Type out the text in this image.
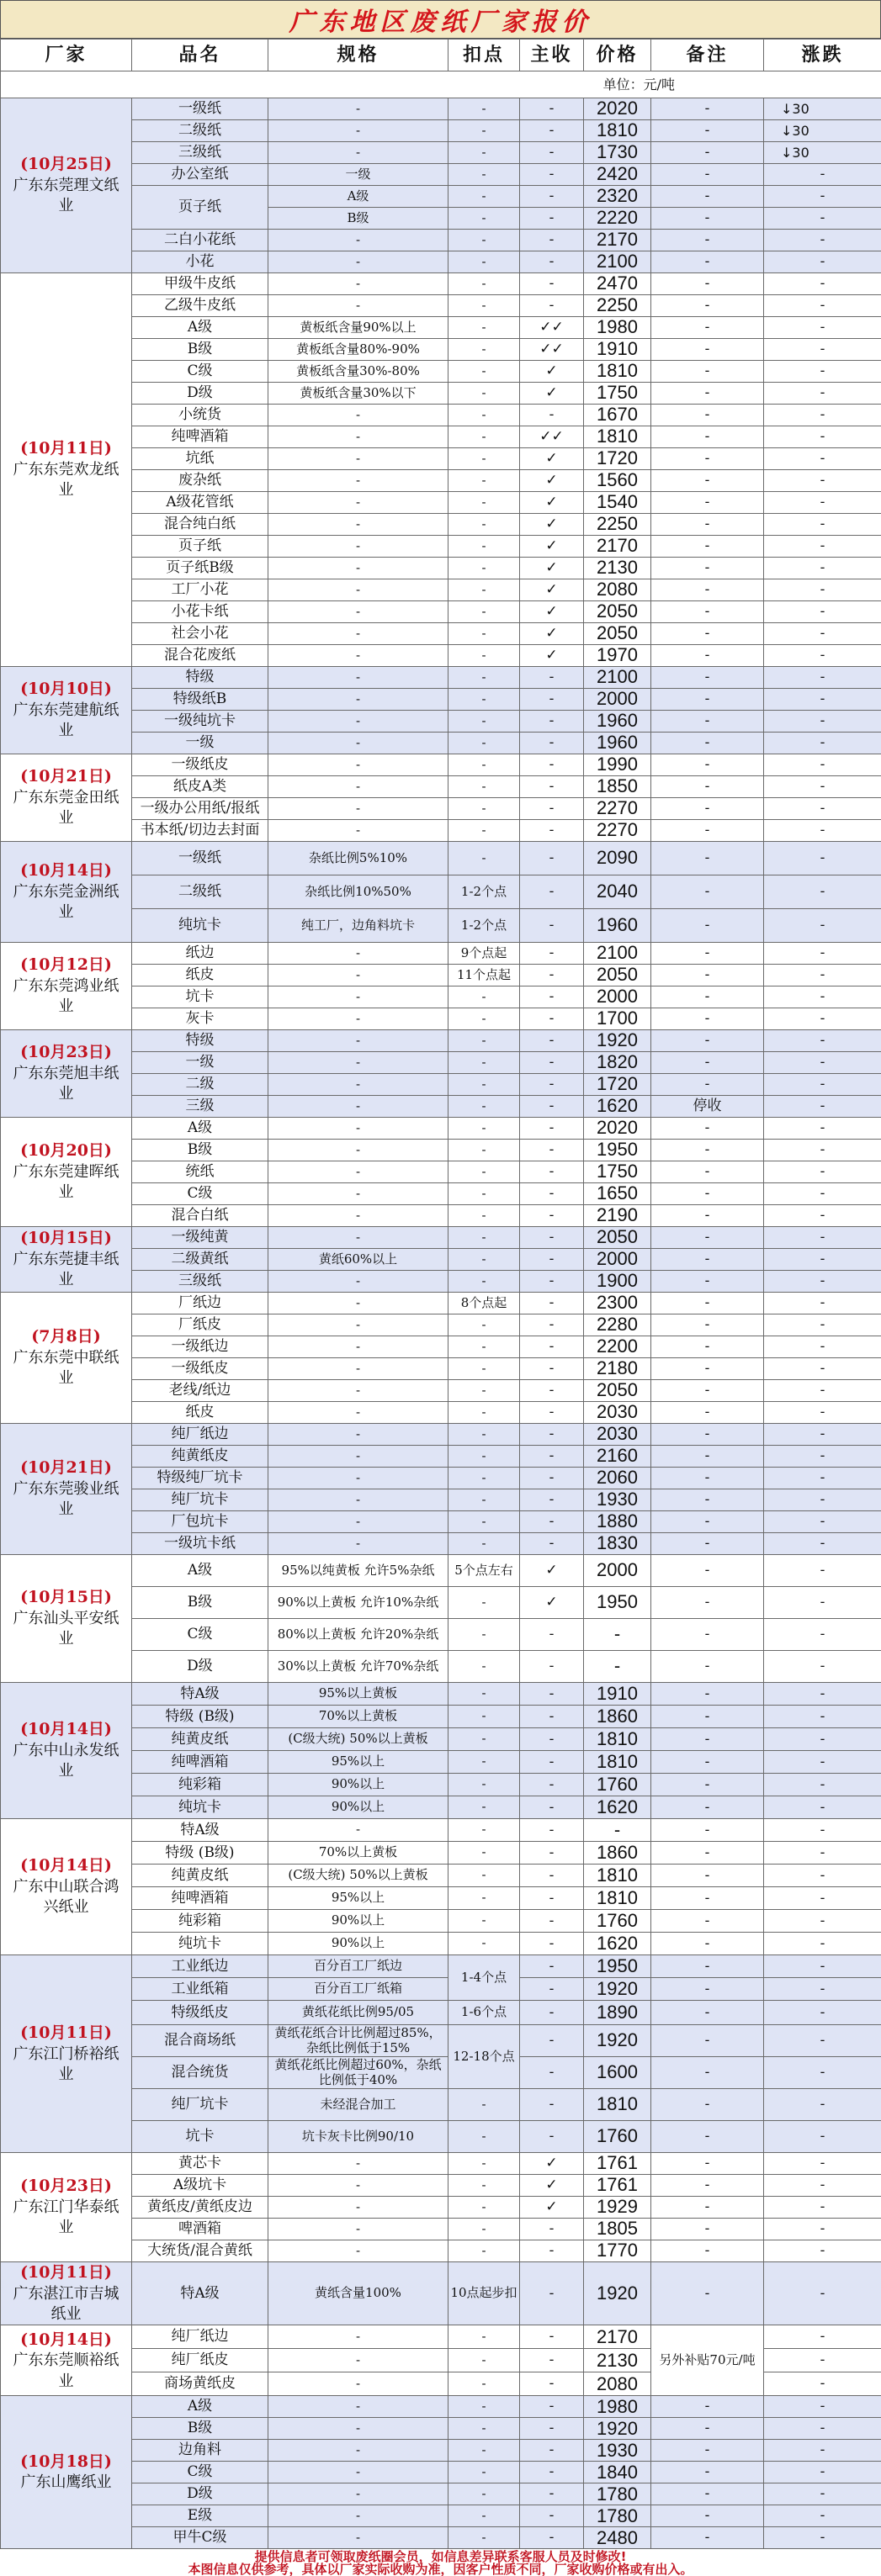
广东地区废纸厂家报价
厂家	品名	规格	扣点	主收	价格	备注	涨跌
单位：元/吨							

(10月25日)
广东东莞理文纸业	一级纸	-	-	-	2020	-	↓30
	二级纸	-	-	-	1810	-	↓30
	三级纸	-	-	-	1730	-	↓30
	办公室纸	一级	-	-	2420	-	-
	页子纸	A级	-	-	2320	-	-
		B级	-	-	2220	-	-
	二白小花纸	-	-	-	2170	-	-
	小花	-	-	-	2100	-	-

(10月11日)
广东东莞欢龙纸业	甲级牛皮纸	-	-	-	2470	-	-
	乙级牛皮纸	-	-	-	2250	-	-
	A级	黄板纸含量90%以上	-	✓✓	1980	-	-
	B级	黄板纸含量80%-90%	-	✓✓	1910	-	-
	C级	黄板纸含量30%-80%	-	✓	1810	-	-
	D级	黄板纸含量30%以下	-	✓	1750	-	-
	小统货	-	-	-	1670	-	-
	纯啤酒箱	-	-	✓✓	1810	-	-
	坑纸	-	-	✓	1720	-	-
	废杂纸	-	-	✓	1560	-	-
	A级花管纸	-	-	✓	1540	-	-
	混合纯白纸	-	-	✓	2250	-	-
	页子纸	-	-	✓	2170	-	-
	页子纸B级	-	-	✓	2130	-	-
	工厂小花	-	-	✓	2080	-	-
	小花卡纸	-	-	✓	2050	-	-
	社会小花	-	-	✓	2050	-	-
	混合花废纸	-	-	✓	1970	-	-

(10月10日)
广东东莞建航纸业	特级	-	-	-	2100	-	-
	特级纸B	-	-	-	2000	-	-
	一级纯坑卡	-	-	-	1960	-	-
	一级	-	-	-	1960	-	-

(10月21日)
广东东莞金田纸业	一级纸皮	-	-	-	1990	-	-
	纸皮A类	-	-	-	1850	-	-
	一级办公用纸/报纸	-	-	-	2270	-	-
	书本纸/切边去封面	-	-	-	2270	-	-

(10月14日)
广东东莞金洲纸业	一级纸	杂纸比例5%10%	-	-	2090	-	-
	二级纸	杂纸比例10%50%	1-2个点	-	2040	-	-
	纯坑卡	纯工厂，边角料坑卡	1-2个点	-	1960	-	-

(10月12日)
广东东莞鸿业纸业	纸边	-	9个点起	-	2100	-	-
	纸皮	-	11个点起	-	2050	-	-
	坑卡	-	-	-	2000	-	-
	灰卡	-	-	-	1700	-	-

(10月23日)
广东东莞旭丰纸业	特级	-	-	-	1920	-	-
	一级	-	-	-	1820	-	-
	二级	-	-	-	1720	-	-
	三级	-	-	-	1620	停收	-

(10月20日)
广东东莞建晖纸业	A级	-	-	-	2020	-	-
	B级	-	-	-	1950	-	-
	统纸	-	-	-	1750	-	-
	C级	-	-	-	1650	-	-
	混合白纸	-	-	-	2190	-	-

(10月15日)
广东东莞捷丰纸业	一级纯黄	-	-	-	2050	-	-
	二级黄纸	黄纸60%以上	-	-	2000	-	-
	三级纸	-	-	-	1900	-	-

(7月8日)
广东东莞中联纸业	厂纸边	-	8个点起	-	2300	-	-
	厂纸皮	-	-	-	2280	-	-
	一级纸边	-	-	-	2200	-	-
	一级纸皮	-	-	-	2180	-	-
	老线/纸边	-	-	-	2050	-	-
	纸皮	-	-	-	2030	-	-

(10月21日)
广东东莞骏业纸业	纯厂纸边	-	-	-	2030	-	-
	纯黄纸皮	-	-	-	2160	-	-
	特级纯厂坑卡	-	-	-	2060	-	-
	纯厂坑卡	-	-	-	1930	-	-
	厂包坑卡	-	-	-	1880	-	-
	一级坑卡纸	-	-	-	1830	-	-

(10月15日)
广东汕头平安纸业	A级	95%以纯黄板 允许5%杂纸	5个点左右	✓	2000	-	-
	B级	90%以上黄板 允许10%杂纸	-	✓	1950	-	-
	C级	80%以上黄板 允许20%杂纸	-	-	-	-	-
	D级	30%以上黄板 允许70%杂纸	-	-	-	-	-

(10月14日)
广东中山永发纸业	特A级	95%以上黄板	-	-	1910	-	-
	特级 (B级)	70%以上黄板	-	-	1860	-	-
	纯黄皮纸	(C级大统) 50%以上黄板	-	-	1810	-	-
	纯啤酒箱	95%以上	-	-	1810	-	-
	纯彩箱	90%以上	-	-	1760	-	-
	纯坑卡	90%以上	-	-	1620	-	-

(10月14日)
广东中山联合鸿兴纸业	特A级	-	-	-	-	-	-
	特级 (B级)	70%以上黄板	-	-	1860	-	-
	纯黄皮纸	(C级大统) 50%以上黄板	-	-	1810	-	-
	纯啤酒箱	95%以上	-	-	1810	-	-
	纯彩箱	90%以上	-	-	1760	-	-
	纯坑卡	90%以上	-	-	1620	-	-

(10月11日)
广东江门桥裕纸业	工业纸边	百分百工厂纸边	1-4个点	-	1950	-	-
	工业纸箱	百分百工厂纸箱		-	1920	-	-
	特级纸皮	黄纸花纸比例95/05	1-6个点	-	1890	-	-
	混合商场纸	黄纸花纸合计比例超过85%，杂纸比例低于15%	12-18个点	-	1920	-	-
	混合统货	黄纸花纸比例超过60%，杂纸比例低于40%		-	1600	-	-
	纯厂坑卡	未经混合加工	-	-	1810	-	-
	坑卡	坑卡灰卡比例90/10	-	-	1760	-	-

(10月23日)
广东江门华泰纸业	黄芯卡	-	-	✓	1761	-	-
	A级坑卡	-	-	✓	1761	-	-
	黄纸皮/黄纸皮边	-	-	✓	1929	-	-
	啤酒箱	-	-	-	1805	-	-
	大统货/混合黄纸	-	-	-	1770	-	-

(10月11日)
广东湛江市吉城纸业	特A级	黄纸含量100%	10点起步扣	-	1920	-	-

(10月14日)
广东东莞顺裕纸业	纯厂纸边	-	-	-	2170	另外补贴70元/吨	-
	纯厂纸皮	-	-	-	2130		-
	商场黄纸皮	-	-	-	2080		-

(10月18日)
广东山鹰纸业	A级	-	-	-	1980	-	-
	B级	-	-	-	1920	-	-
	边角料	-	-	-	1930	-	-
	C级	-	-	-	1840	-	-
	D级	-	-	-	1780	-	-
	E级	-	-	-	1780	-	-
	甲牛C级	-	-	-	2480	-	-
提供信息者可领取废纸圈会员，如信息差异联系客服人员及时修改!
本图信息仅供参考，具体以厂家实际收购为准，因客户性质不同，厂家收购价格或有出入。
